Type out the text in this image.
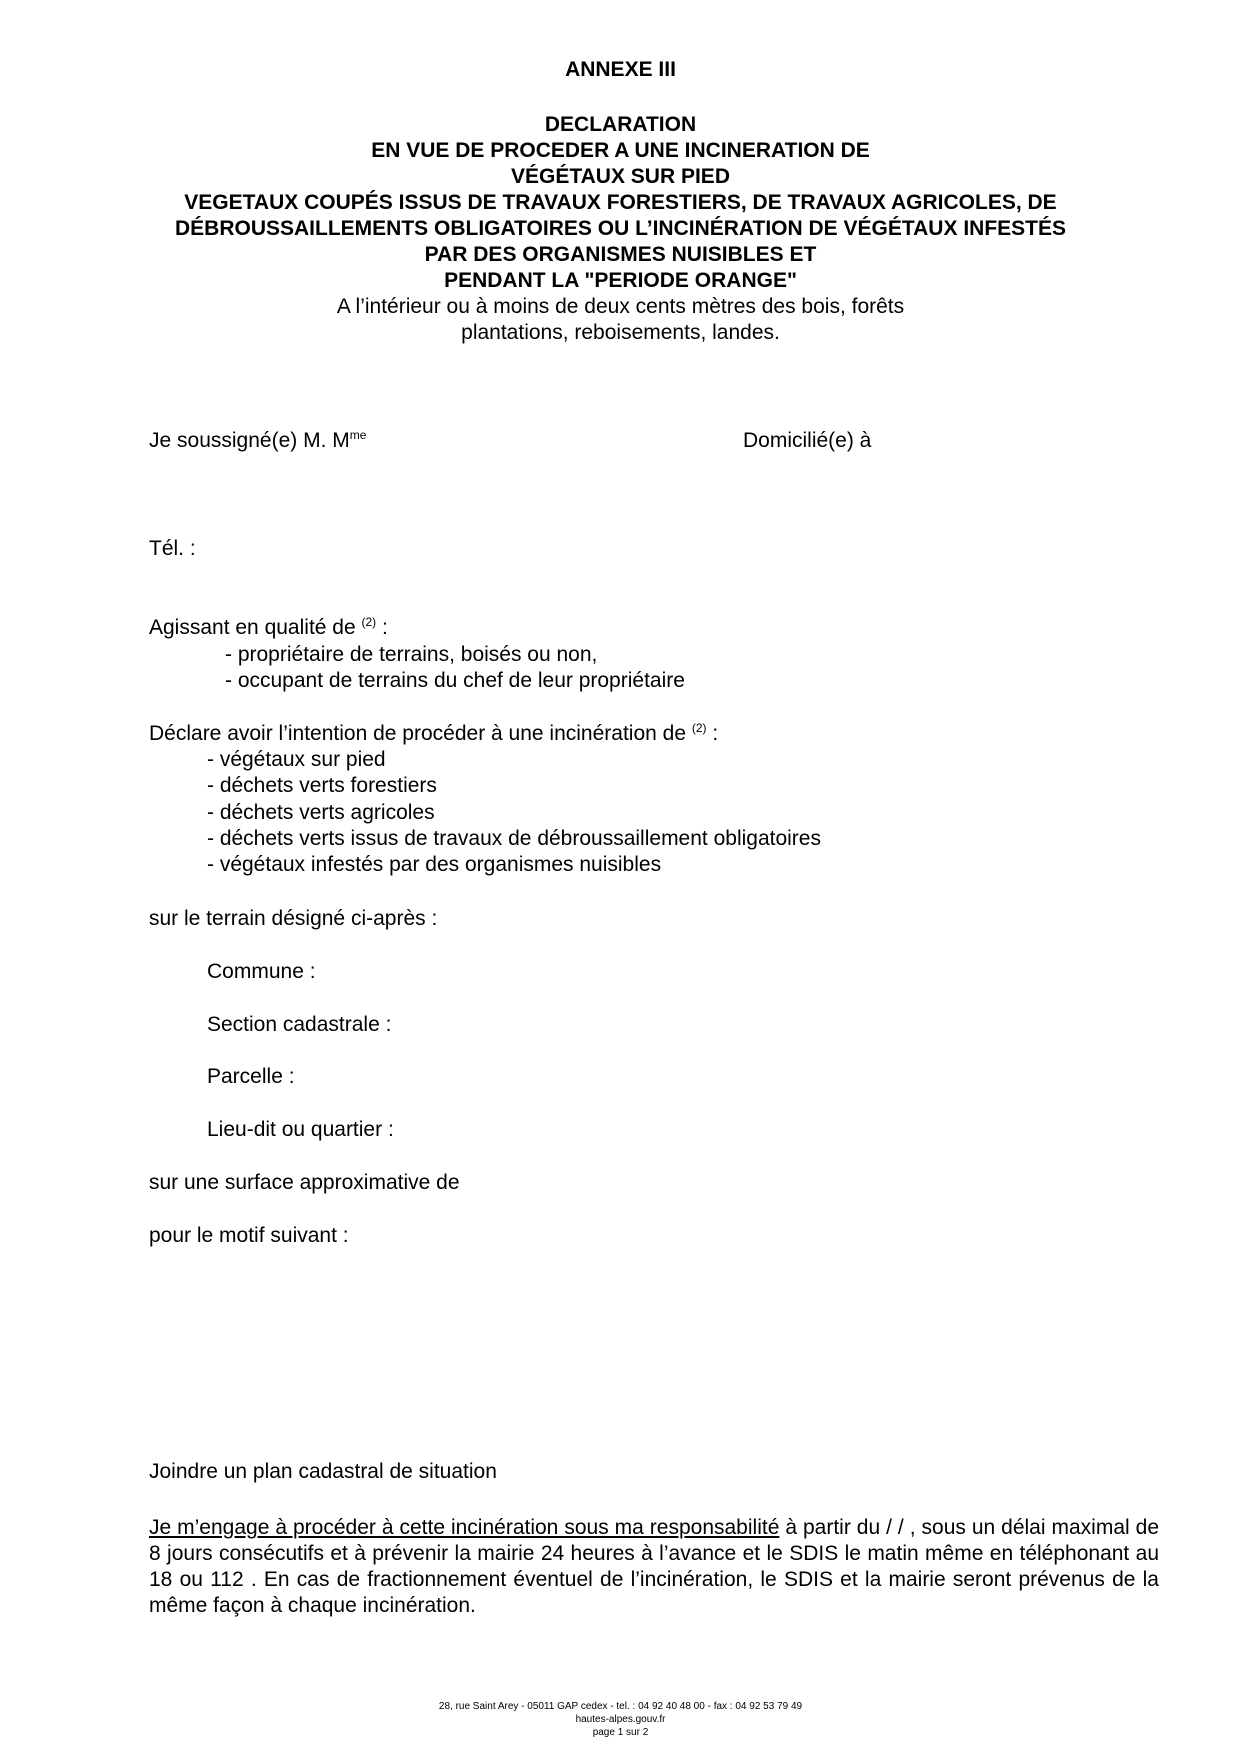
ANNEXE III
DECLARATION
EN VUE DE PROCEDER A UNE INCINERATION DE
VÉGÉTAUX SUR PIED
VEGETAUX COUPÉS ISSUS DE TRAVAUX FORESTIERS, DE TRAVAUX AGRICOLES, DE
DÉBROUSSAILLEMENTS OBLIGATOIRES OU L’INCINÉRATION DE VÉGÉTAUX INFESTÉS
PAR DES ORGANISMES NUISIBLES ET
PENDANT LA "PERIODE ORANGE"
A l’intérieur ou à moins de deux cents mètres des bois, forêts
plantations, reboisements, landes.
Je soussigné(e) M. $M^{me}$	Domicilié(e) à
Tél. :
Agissant en qualité de $^{(2)}$ :
- propriétaire de terrains, boisés ou non,
- occupant de terrains du chef de leur propriétaire
Déclare avoir l’intention de procéder à une incinération de $^{(2)}$ :
- végétaux sur pied
- déchets verts forestiers
- déchets verts agricoles
- déchets verts issus de travaux de débroussaillement obligatoires
- végétaux infestés par des organismes nuisibles
sur le terrain désigné ci-après :
Commune :
Section cadastrale :
Parcelle :
Lieu-dit ou quartier :
sur une surface approximative de
pour le motif suivant :
Joindre un plan cadastral de situation
Je m’engage à procéder à cette incinération sous ma responsabilité à partir du / / , sous un délai maximal de 8 jours consécutifs et à prévenir la mairie 24 heures à l’avance et le SDIS le matin même en téléphonant au 18 ou 112 . En cas de fractionnement éventuel de l’incinération, le SDIS et la mairie seront prévenus de la même façon à chaque incinération.
28, rue Saint Arey - 05011 GAP cedex - tel. : 04 92 40 48 00 - fax : 04 92 53 79 49
hautes-alpes.gouv.fr
page 1 sur 2
